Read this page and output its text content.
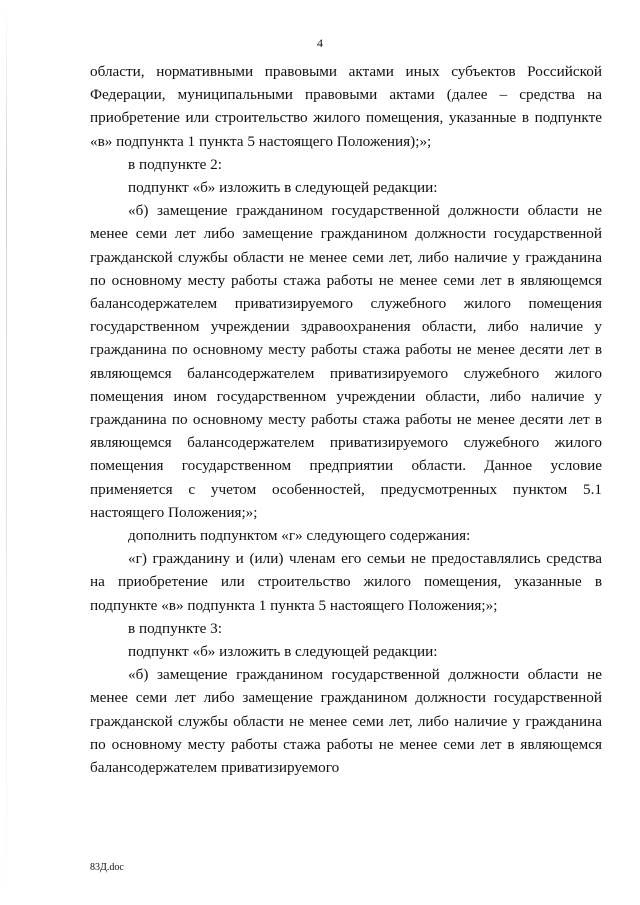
4

области, нормативными правовыми актами иных субъектов Российской Федерации, муниципальными правовыми актами (далее – средства на приобретение или строительство жилого помещения, указанные в подпункте «в» подпункта 1 пункта 5 настоящего Положения);»;

в подпункте 2:

подпункт «б» изложить в следующей редакции:

«б) замещение гражданином государственной должности области не менее семи лет либо замещение гражданином должности государственной гражданской службы области не менее семи лет, либо наличие у гражданина по основному месту работы стажа работы не менее семи лет в являющемся балансодержателем приватизируемого служебного жилого помещения государственном учреждении здравоохранения области, либо наличие у гражданина по основному месту работы стажа работы не менее десяти лет в являющемся балансодержателем приватизируемого служебного жилого помещения ином государственном учреждении области, либо наличие у гражданина по основному месту работы стажа работы не менее десяти лет в являющемся балансодержателем приватизируемого служебного жилого помещения государственном предприятии области. Данное условие применяется с учетом особенностей, предусмотренных пунктом 5.1 настоящего Положения;»;

дополнить подпунктом «г» следующего содержания:

«г) гражданину и (или) членам его семьи не предоставлялись средства на приобретение или строительство жилого помещения, указанные в подпункте «в» подпункта 1 пункта 5 настоящего Положения;»;

в подпункте 3:

подпункт «б» изложить в следующей редакции:

«б) замещение гражданином государственной должности области не менее семи лет либо замещение гражданином должности государственной гражданской службы области не менее семи лет, либо наличие у гражданина по основному месту работы стажа работы не менее семи лет в являющемся балансодержателем приватизируемого

83Д.doc
